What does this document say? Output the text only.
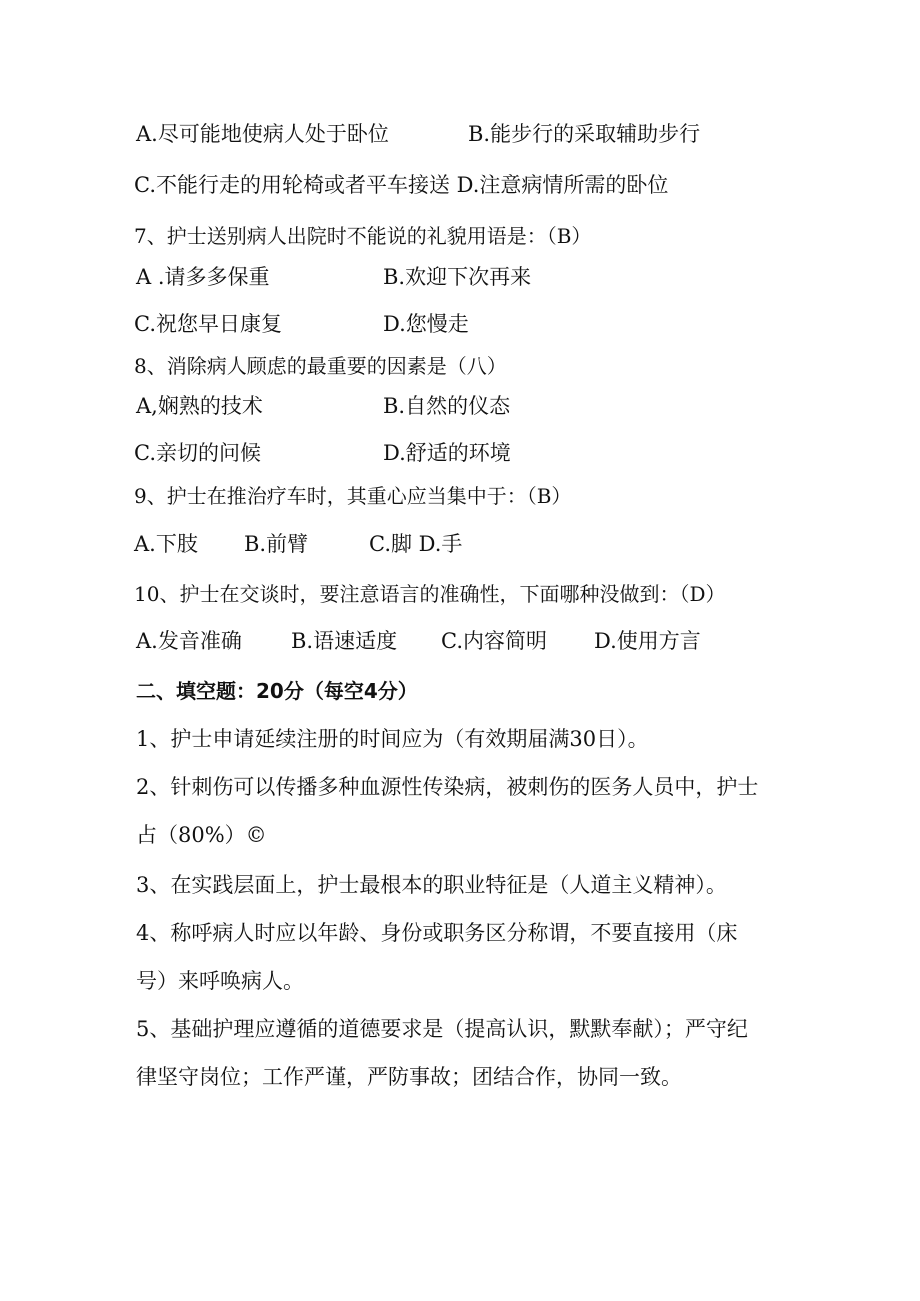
A.尽可能地使病人处于卧位	B.能步行的采取辅助步行
C.不能行走的用轮椅或者平车接送 D.注意病情所需的卧位
7、护士送别病人出院时不能说的礼貌用语是：（B）
A .请多多保重	B.欢迎下次再来
C.祝您早日康复	D.您慢走
8、消除病人顾虑的最重要的因素是（八）
A,娴熟的技术	B.自然的仪态
C.亲切的问候	D.舒适的环境
9、护士在推治疗车时，其重心应当集中于：（B）
A.下肢 B.前臂	C.脚 D.手
10、护士在交谈时，要注意语言的准确性，下面哪种没做到：（D）
A.发音准确 B.语速适度 C.内容简明 D.使用方言
二、填空题：20分（每空4分）
1、护士申请延续注册的时间应为（有效期届满30日）。
2、针刺伤可以传播多种血源性传染病，被刺伤的医务人员中，护士
占（80%）©
3、在实践层面上，护士最根本的职业特征是（人道主义精神）。
4、称呼病人时应以年龄、身份或职务区分称谓，不要直接用（床
号）来呼唤病人。
5、基础护理应遵循的道德要求是（提高认识，默默奉献）；严守纪
律坚守岗位；工作严谨，严防事故；团结合作，协同一致。
